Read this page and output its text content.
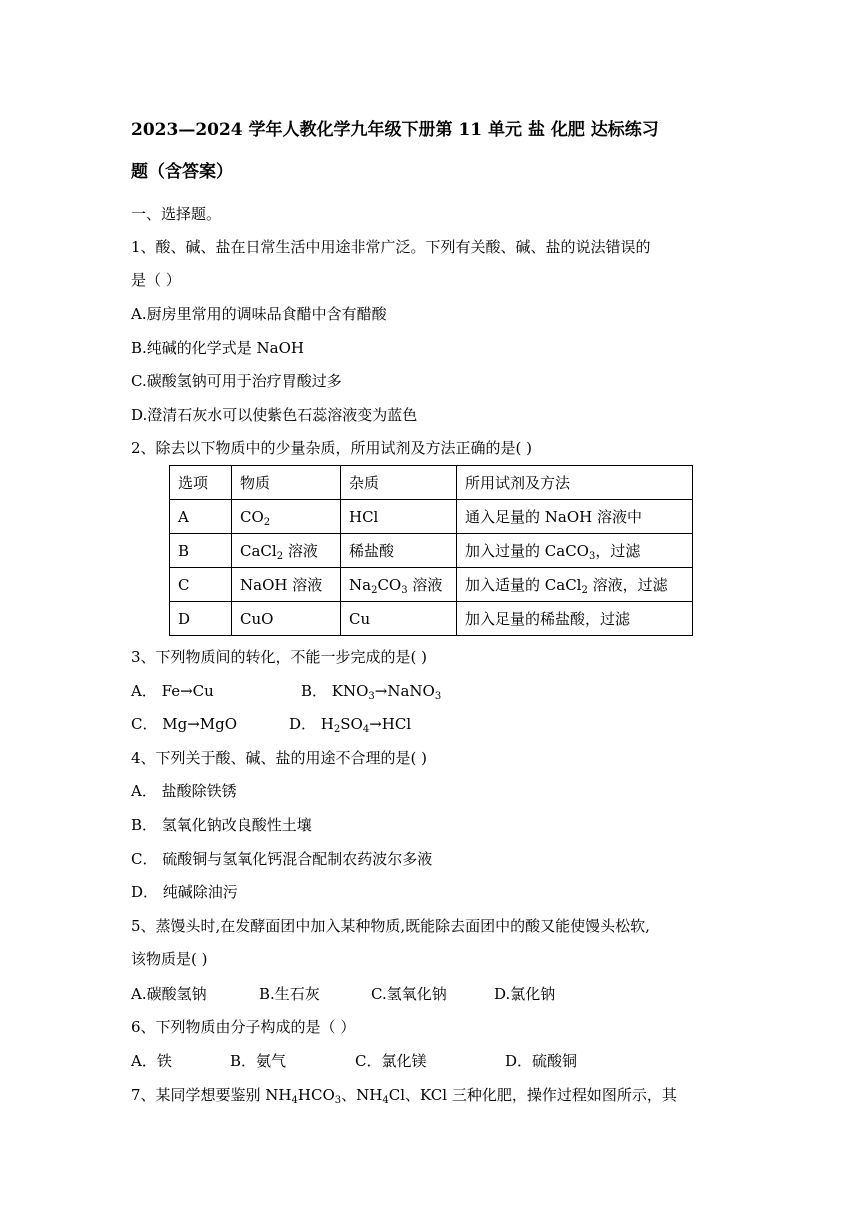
2023—2024 学年人教化学九年级下册第 11 单元 盐 化肥 达标练习
题（含答案）
一、选择题。
1、酸、碱、盐在日常生活中用途非常广泛。下列有关酸、碱、盐的说法错误的
是（ ）
A.厨房里常用的调味品食醋中含有醋酸
B.纯碱的化学式是 NaOH
C.碳酸氢钠可用于治疗胃酸过多
D.澄清石灰水可以使紫色石蕊溶液变为蓝色
2、除去以下物质中的少量杂质，所用试剂及方法正确的是( )
选项	物质	杂质	所用试剂及方法
A	$CO_2$	HCl	通入足量的 NaOH 溶液中
B	CaCl$_2$ 溶液	稀盐酸	加入过量的 CaCO$_3$，过滤
C	NaOH 溶液	$Na_2CO_3$ 溶液	加入适量的 CaCl$_2$ 溶液，过滤
D	CuO	Cu	加入足量的稀盐酸，过滤
3、下列物质间的转化，不能一步完成的是( )
A． Fe→Cu	B． $KNO_3\to NaNO_3$
C． Mg→MgO	D． $H_2SO_4\to HCl$
4、下列关于酸、碱、盐的用途不合理的是( )
A． 盐酸除铁锈
B． 氢氧化钠改良酸性土壤
C． 硫酸铜与氢氧化钙混合配制农药波尔多液
D． 纯碱除油污
5、蒸馒头时,在发酵面团中加入某种物质,既能除去面团中的酸又能使馒头松软,
该物质是( )
A.碳酸氢钠	B.生石灰	C.氢氧化钠	D.氯化钠
6、下列物质由分子构成的是（ ）
A．铁	B．氨气	C．氯化镁	D．硫酸铜
7、某同学想要鉴别 $NH_4HCO_3$、$NH_4Cl$、KCl 三种化肥，操作过程如图所示，其
